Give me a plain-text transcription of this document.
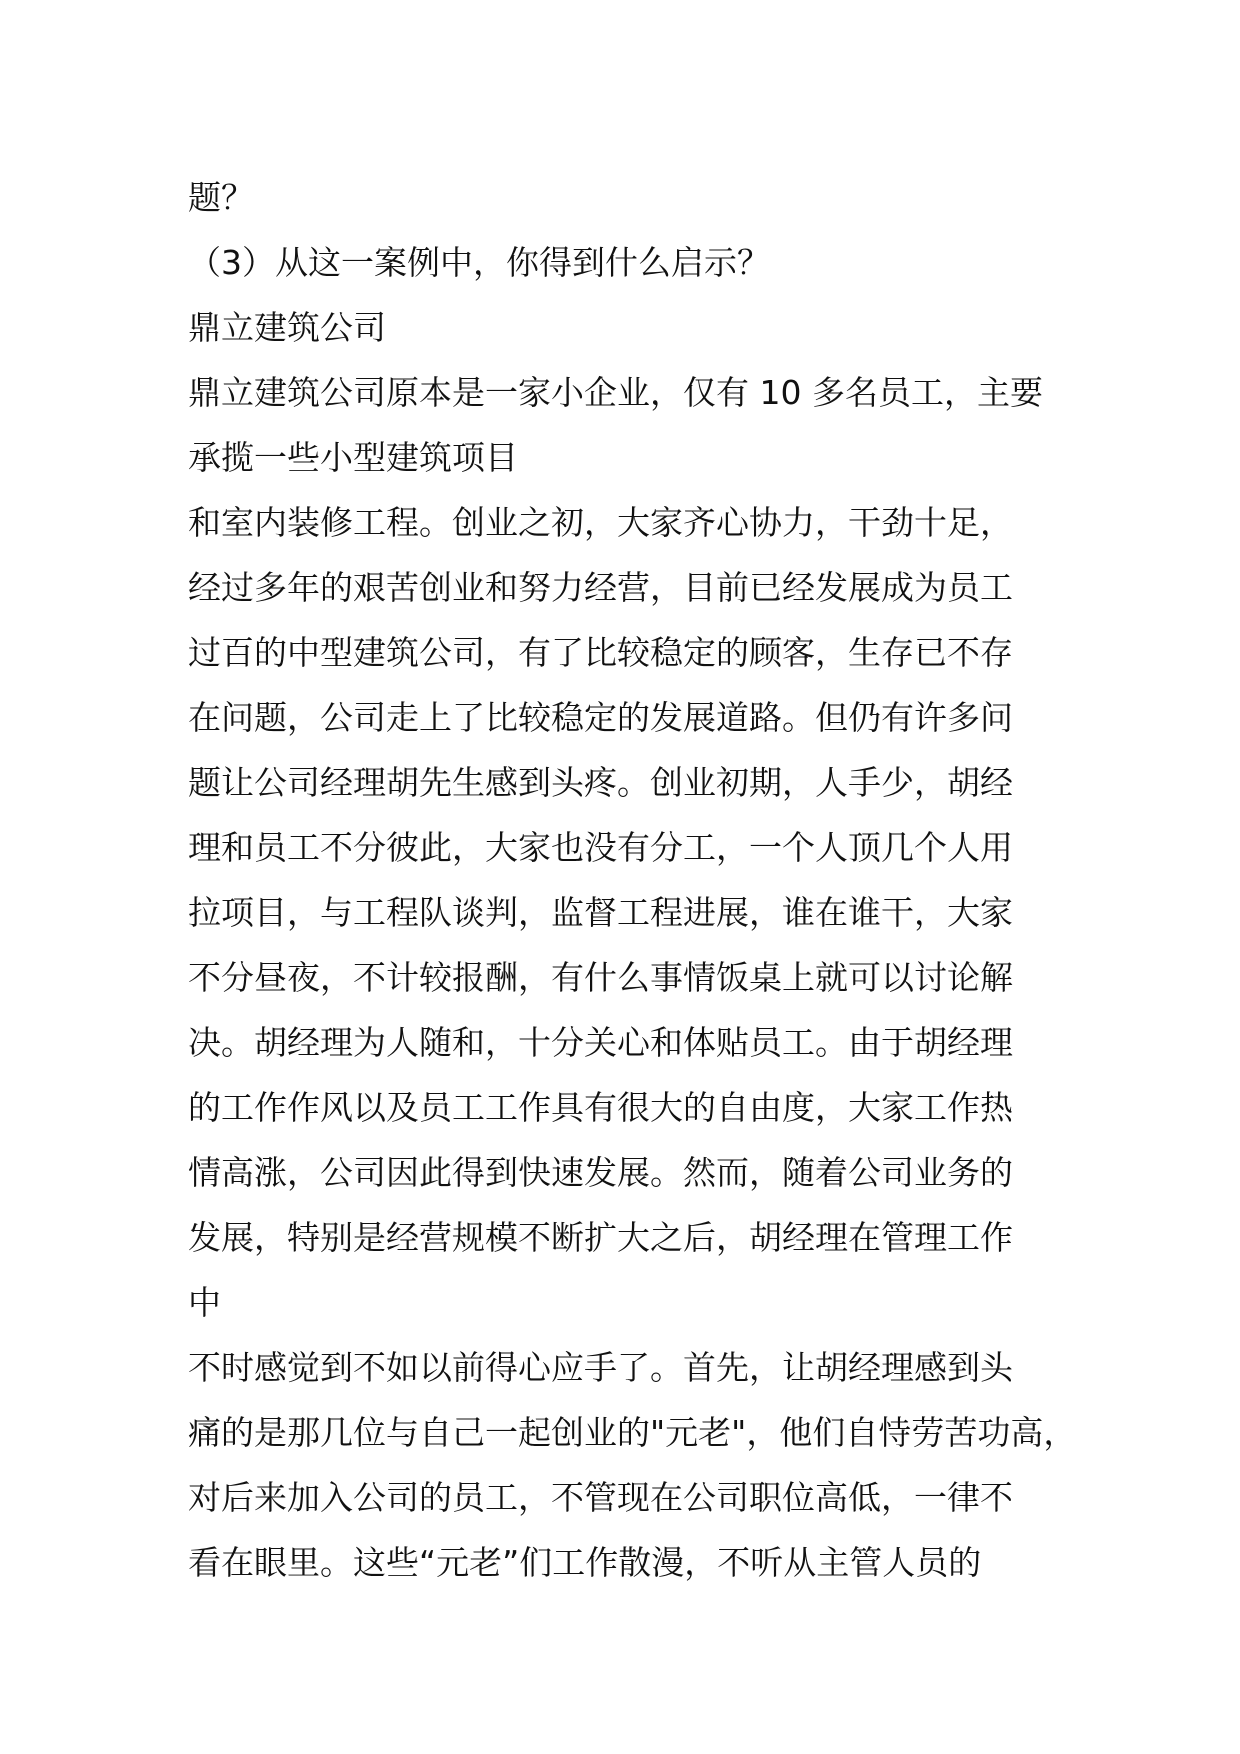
题？
（3）从这一案例中，你得到什么启示？
鼎立建筑公司
鼎立建筑公司原本是一家小企业，仅有 10 多名员工，主要
承揽一些小型建筑项目
和室内装修工程。创业之初，大家齐心协力，干劲十足，
经过多年的艰苦创业和努力经营，目前已经发展成为员工
过百的中型建筑公司，有了比较稳定的顾客，生存已不存
在问题，公司走上了比较稳定的发展道路。但仍有许多问
题让公司经理胡先生感到头疼。创业初期，人手少，胡经
理和员工不分彼此，大家也没有分工，一个人顶几个人用
拉项目，与工程队谈判，监督工程进展，谁在谁干，大家
不分昼夜，不计较报酬，有什么事情饭桌上就可以讨论解
决。胡经理为人随和，十分关心和体贴员工。由于胡经理
的工作作风以及员工工作具有很大的自由度，大家工作热
情高涨，公司因此得到快速发展。然而，随着公司业务的
发展，特别是经营规模不断扩大之后，胡经理在管理工作
中
不时感觉到不如以前得心应手了。首先，让胡经理感到头
痛的是那几位与自己一起创业的"元老"，他们自恃劳苦功高，
对后来加入公司的员工，不管现在公司职位高低，一律不
看在眼里。这些“元老”们工作散漫，不听从主管人员的
